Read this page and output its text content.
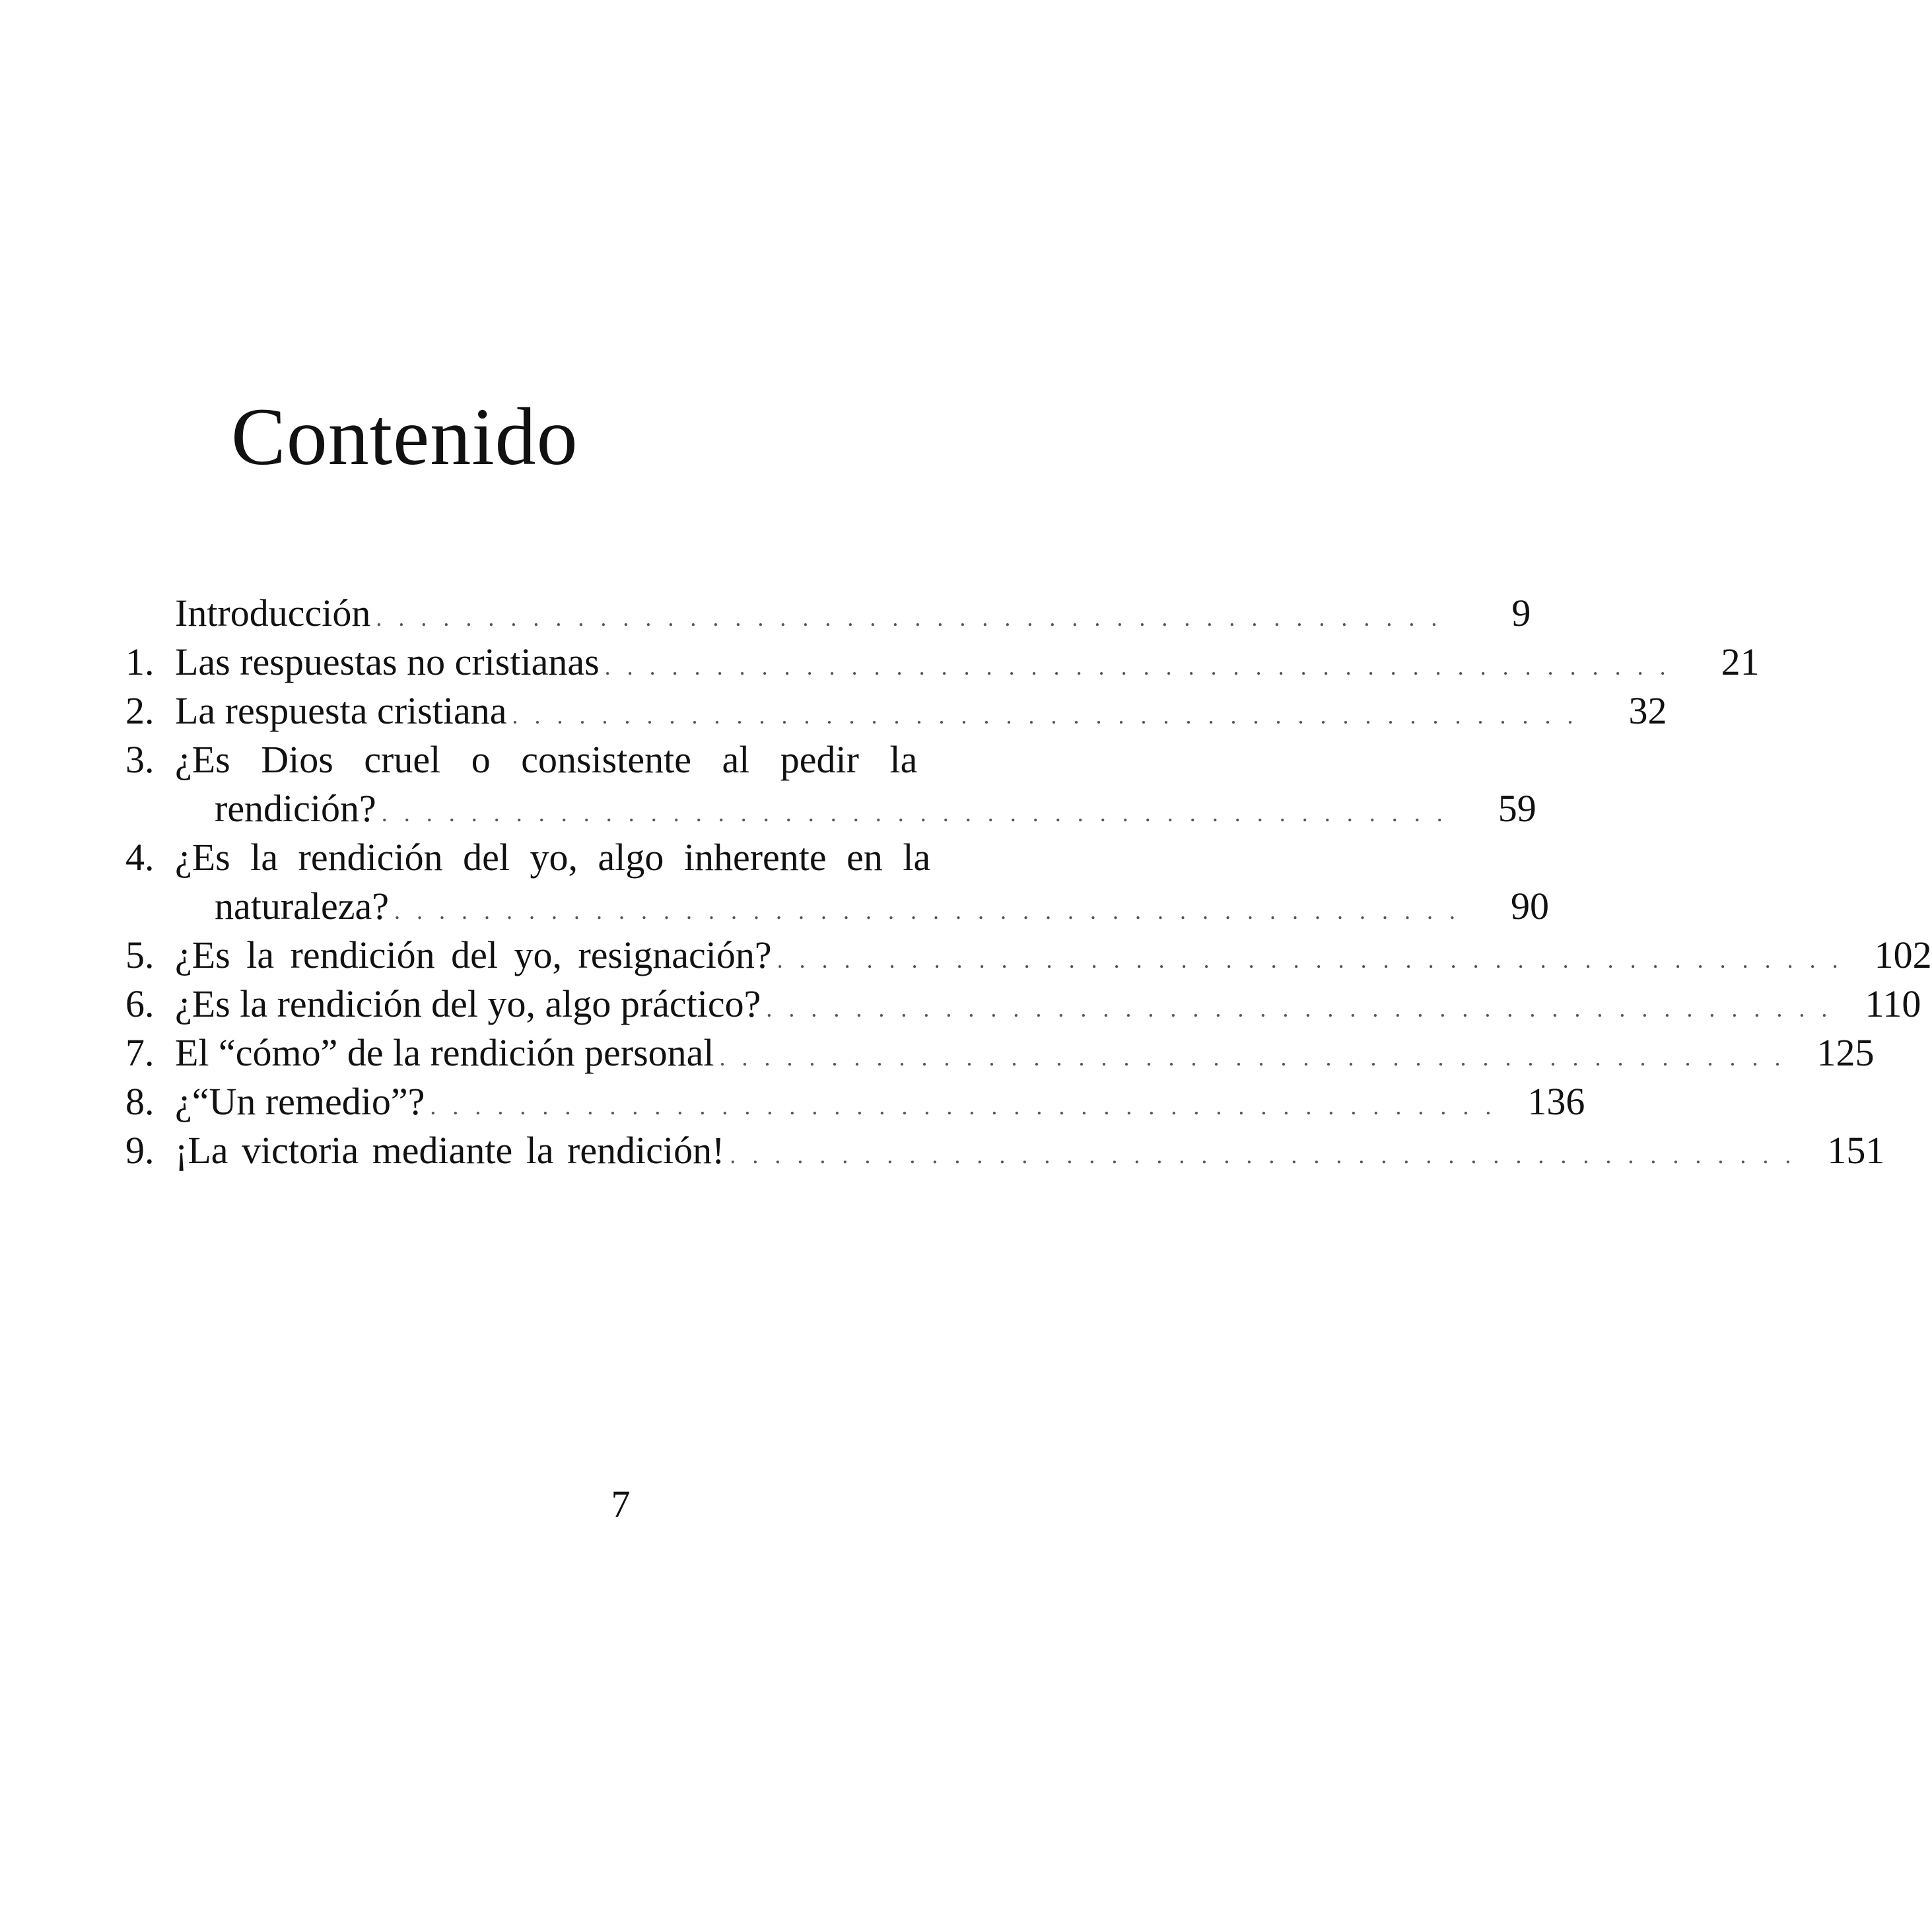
Contenido
Introducción . . . . . . . . . . . . . . . . . . . . . . . . . . . . . . . . . . . . . . . . . . . . . . . .	9
1. Las respuestas no cristianas . . . . . . . . . . . . . . . . . . . . . . . . . . . . . . . . . . . . . . . . . . . . . . . .	21
2. La respuesta cristiana . . . . . . . . . . . . . . . . . . . . . . . . . . . . . . . . . . . . . . . . . . . . . . . .	32
3. ¿Es Dios cruel o consistente al pedir la
rendición? . . . . . . . . . . . . . . . . . . . . . . . . . . . . . . . . . . . . . . . . . . . . . . . .	59
4. ¿Es la rendición del yo, algo inherente en la
naturaleza? . . . . . . . . . . . . . . . . . . . . . . . . . . . . . . . . . . . . . . . . . . . . . . . .	90
5. ¿Es la rendición del yo, resignación? . . . . . . . . . . . . . . . . . . . . . . . . . . . . . . . . . . . . . . . . . . . . . . . . 102
6. ¿Es la rendición del yo, algo práctico? . . . . . . . . . . . . . . . . . . . . . . . . . . . . . . . . . . . . . . . . . . . . . . . . 110
7. El “cómo” de la rendición personal . . . . . . . . . . . . . . . . . . . . . . . . . . . . . . . . . . . . . . . . . . . . . . . . 125
8. ¿“Un remedio”? . . . . . . . . . . . . . . . . . . . . . . . . . . . . . . . . . . . . . . . . . . . . . . . . 136
9. ¡La victoria mediante la rendición! . . . . . . . . . . . . . . . . . . . . . . . . . . . . . . . . . . . . . . . . . . . . . . . . 151
7
